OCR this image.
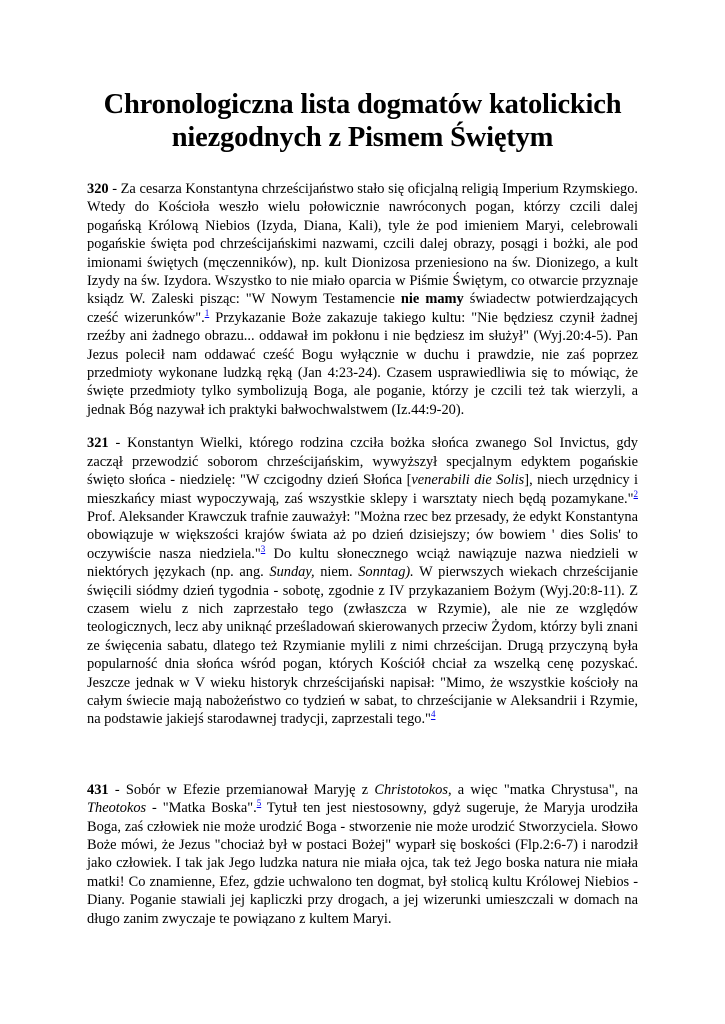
Chronologiczna lista dogmatów katolickich
niezgodnych z Pismem Świętym

320 - Za cesarza Konstantyna chrześcijaństwo stało się oficjalną religią Imperium Rzymskiego. Wtedy do Kościoła weszło wielu połowicznie nawróconych pogan, którzy czcili dalej pogańską Królową Niebios (Izyda, Diana, Kali), tyle że pod imieniem Maryi, celebrowali pogańskie święta pod chrześcijańskimi nazwami, czcili dalej obrazy, posągi i bożki, ale pod imionami świętych (męczenników), np. kult Dionizosa przeniesiono na św. Dionizego, a kult Izydy na św. Izydora. Wszystko to nie miało oparcia w Piśmie Świętym, co otwarcie przyznaje ksiądz W. Zaleski pisząc: "W Nowym Testamencie nie mamy świadectw potwierdzających cześć wizerunków".$^1$ Przykazanie Boże zakazuje takiego kultu: "Nie będziesz czynił żadnej rzeźby ani żadnego obrazu... oddawał im pokłonu i nie będziesz im służył" (Wyj.20:4-5). Pan Jezus polecił nam oddawać cześć Bogu wyłącznie w duchu i prawdzie, nie zaś poprzez przedmioty wykonane ludzką ręką (Jan 4:23-24). Czasem usprawiedliwia się to mówiąc, że święte przedmioty tylko symbolizują Boga, ale poganie, którzy je czcili też tak wierzyli, a jednak Bóg nazywał ich praktyki bałwochwalstwem (Iz.44:9-20).

321 - Konstantyn Wielki, którego rodzina czciła bożka słońca zwanego Sol Invictus, gdy zaczął przewodzić soborom chrześcijańskim, wywyższył specjalnym edyktem pogańskie święto słońca - niedzielę: "W czcigodny dzień Słońca [venerabili die Solis], niech urzędnicy i mieszkańcy miast wypoczywają, zaś wszystkie sklepy i warsztaty niech będą pozamykane."$^2$ Prof. Aleksander Krawczuk trafnie zauważył: "Można rzec bez przesady, że edykt Konstantyna obowiązuje w większości krajów świata aż po dzień dzisiejszy; ów bowiem ' dies Solis' to oczywiście nasza niedziela."$^3$ Do kultu słonecznego wciąż nawiązuje nazwa niedzieli w niektórych językach (np. ang. Sunday, niem. Sonntag). W pierwszych wiekach chrześcijanie święcili siódmy dzień tygodnia - sobotę, zgodnie z IV przykazaniem Bożym (Wyj.20:8-11). Z czasem wielu z nich zaprzestało tego (zwłaszcza w Rzymie), ale nie ze względów teologicznych, lecz aby uniknąć prześladowań skierowanych przeciw Żydom, którzy byli znani ze święcenia sabatu, dlatego też Rzymianie mylili z nimi chrześcijan. Drugą przyczyną była popularność dnia słońca wśród pogan, których Kościół chciał za wszelką cenę pozyskać. Jeszcze jednak w V wieku historyk chrześcijański napisał: "Mimo, że wszystkie kościoły na całym świecie mają nabożeństwo co tydzień w sabat, to chrześcijanie w Aleksandrii i Rzymie, na podstawie jakiejś starodawnej tradycji, zaprzestali tego."$^4$

431 - Sobór w Efezie przemianował Maryję z Christotokos, a więc "matka Chrystusa", na Theotokos - "Matka Boska".$^5$ Tytuł ten jest niestosowny, gdyż sugeruje, że Maryja urodziła Boga, zaś człowiek nie może urodzić Boga - stworzenie nie może urodzić Stworzyciela. Słowo Boże mówi, że Jezus "chociaż był w postaci Bożej" wyparł się boskości (Flp.2:6-7) i narodził jako człowiek. I tak jak Jego ludzka natura nie miała ojca, tak też Jego boska natura nie miała matki! Co znamienne, Efez, gdzie uchwalono ten dogmat, był stolicą kultu Królowej Niebios - Diany. Poganie stawiali jej kapliczki przy drogach, a jej wizerunki umieszczali w domach na długo zanim zwyczaje te powiązano z kultem Maryi.
